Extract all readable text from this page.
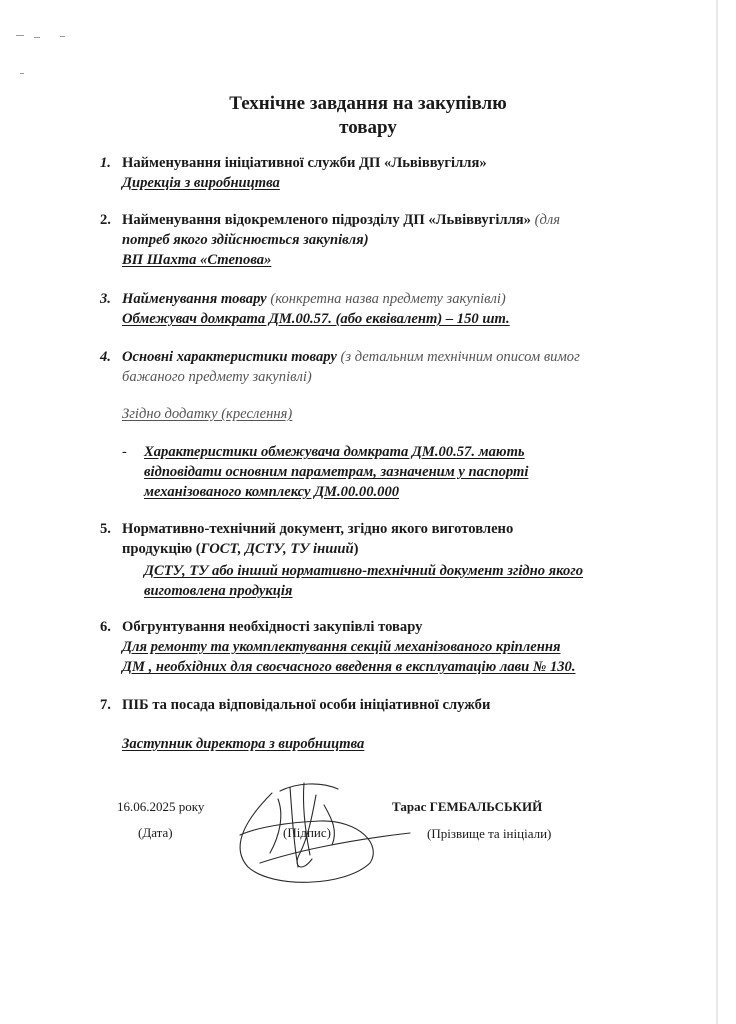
Технічне завдання на закупівлю
товару
1. Найменування ініціативної служби ДП «Львіввугілля»
Дирекція з виробництва
2. Найменування відокремленого підрозділу ДП «Львіввугілля» (для
потреб якого здійснюється закупівля)
ВП Шахта «Степова»
3. Найменування товару (конкретна назва предмету закупівлі)
Обмежувач домкрата ДМ.00.57. (або еквівалент) – 150 шт.
4. Основні характеристики товару (з детальним технічним описом вимог
бажаного предмету закупівлі)
Згідно додатку (креслення)
- Характеристики обмежувача домкрата ДМ.00.57. мають
відповідати основним параметрам, зазначеним у паспорті
механізованого комплексу ДМ.00.00.000
5. Нормативно-технічний документ, згідно якого виготовлено
продукцію (ГОСТ, ДСТУ, ТУ інший)
ДСТУ, ТУ або інший нормативно-технічний документ згідно якого
виготовлена продукція
6. Обгрунтування необхідності закупівлі товару
Для ремонту та укомплектування секцій механізованого кріплення
ДМ , необхідних для своєчасного введення в експлуатацію лави № 130.
7. ПІБ та посада відповідальної особи ініціативної служби
Заступник директора з виробництва
16.06.2025 року	Тарас ГЕМБАЛЬСЬКИЙ
(Дата)	(Підпис)	(Прізвище та ініціали)
